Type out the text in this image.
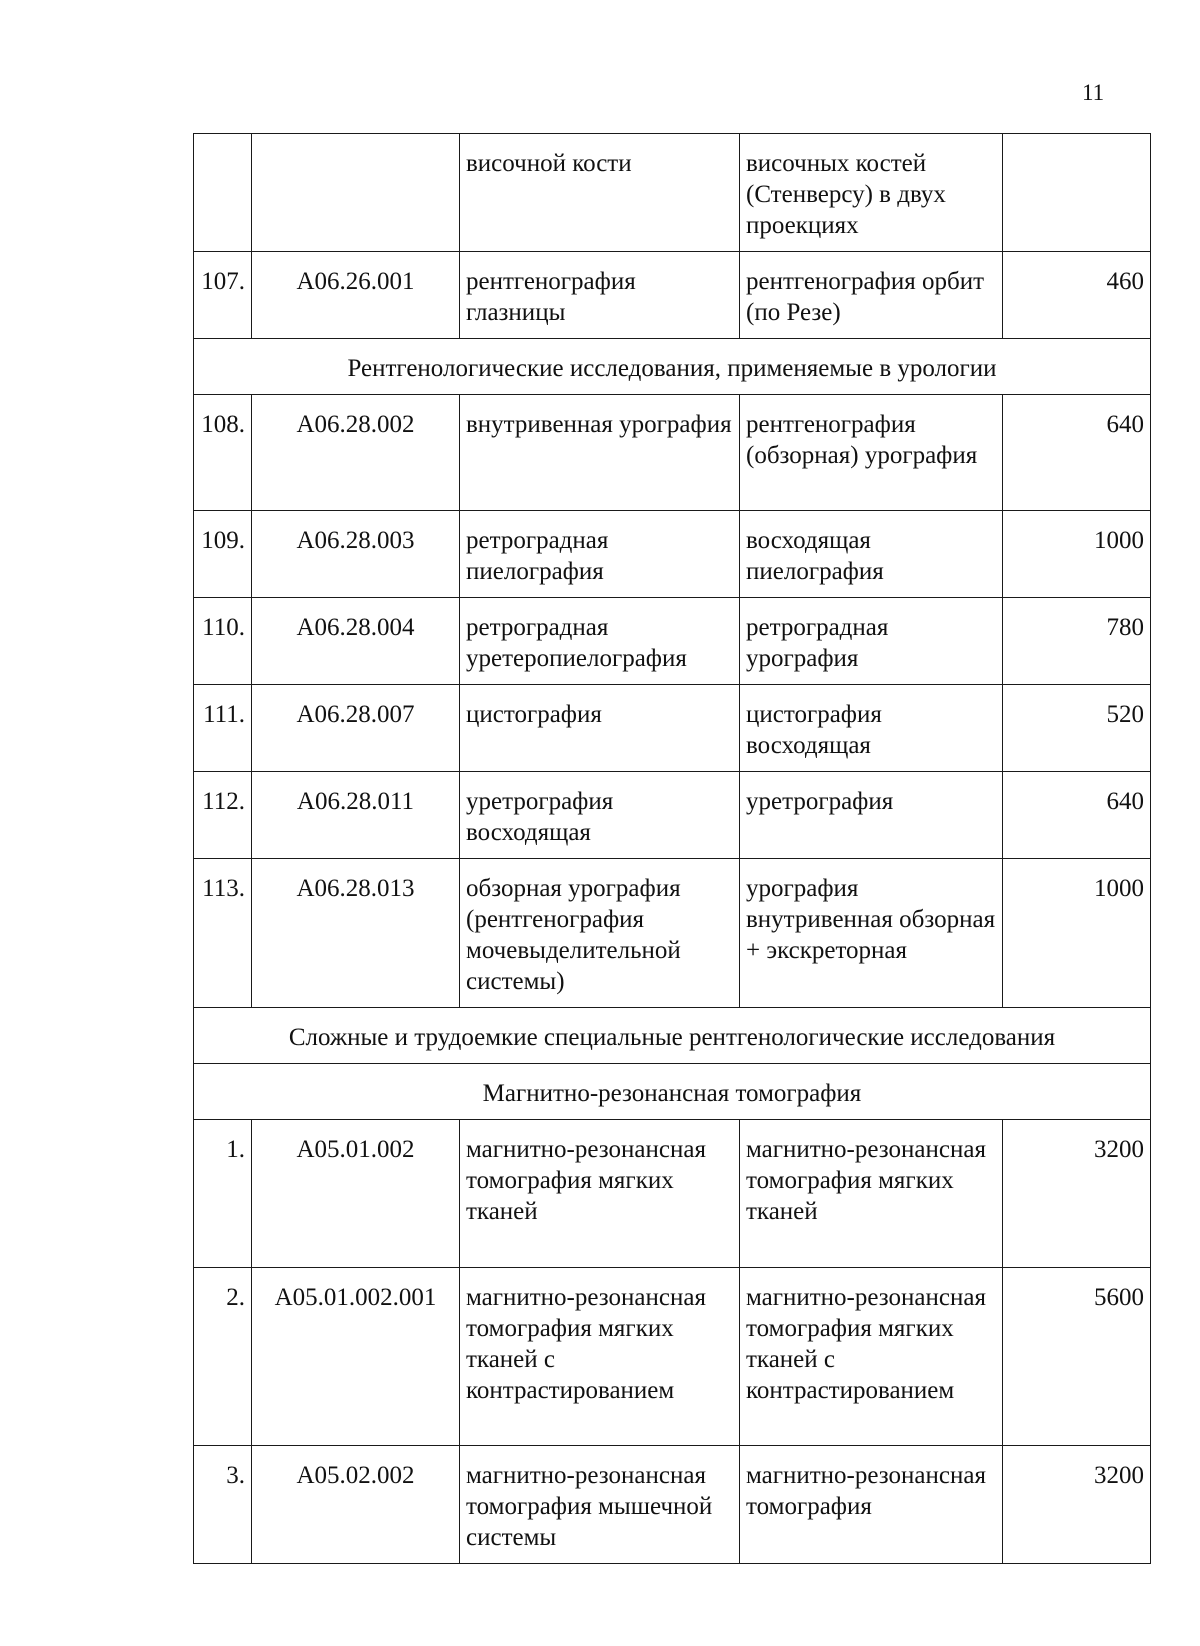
11
		височной кости	височных костей (Стенверсу) в двух проекциях	
107.	А06.26.001	рентгенография глазницы	рентгенография орбит (по Резе)	460
Рентгенологические исследования, применяемые в урологии				
108.	А06.28.002	внутривенная урография	рентгенография (обзорная) урография	640
109.	А06.28.003	ретроградная пиелография	восходящая пиелография	1000
110.	А06.28.004	ретроградная уретеропиелография	ретроградная урография	780
111.	А06.28.007	цистография	цистография восходящая	520
112.	А06.28.011	уретрография восходящая	уретрография	640
113.	А06.28.013	обзорная урография (рентгенография мочевыделительной системы)	урография внутривенная обзорная + экскреторная	1000
Сложные и трудоемкие специальные рентгенологические исследования				
Магнитно-резонансная томография				
1.	А05.01.002	магнитно-резонансная томография мягких тканей	магнитно-резонансная томография мягких тканей	3200
2.	А05.01.002.001	магнитно-резонансная томография мягких тканей с контрастированием	магнитно-резонансная томография мягких тканей с контрастированием	5600
3.	А05.02.002	магнитно-резонансная томография мышечной системы	магнитно-резонансная томография	3200
